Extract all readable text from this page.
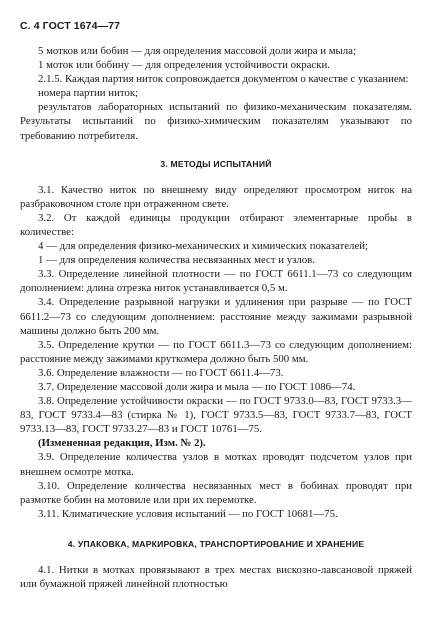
С. 4 ГОСТ 1674—77

5 мотков или бобин — для определения массовой доли жира и мыла;

1 моток или бобину — для определения устойчивости окраски.

2.1.5. Каждая партия ниток сопровождается документом о качестве с указанием:

номера партии ниток;

результатов лабораторных испытаний по физико-механическим показателям. Результаты испытаний по физико-химическим показателям указывают по требованию потребителя.

3. МЕТОДЫ ИСПЫТАНИЙ

3.1. Качество ниток по внешнему виду определяют просмотром ниток на разбраковочном столе при отраженном свете.

3.2. От каждой единицы продукции отбирают элементарные пробы в количестве:

4 — для определения физико-механических и химических показателей;

1 — для определения количества несвязанных мест и узлов.

3.3. Определение линейной плотности — по ГОСТ 6611.1—73 со следующим дополнением: длина отрезка ниток устанавливается 0,5 м.

3.4. Определение разрывной нагрузки и удлинения при разрыве — по ГОСТ 6611.2—73 со следующим дополнением: расстояние между зажимами разрывной машины должно быть 200 мм.

3.5. Определение крутки — по ГОСТ 6611.3—73 со следующим дополнением: расстояние между зажимами круткомера должно быть 500 мм.

3.6. Определение влажности — по ГОСТ 6611.4—73.

3.7. Определение массовой доли жира и мыла — по ГОСТ 1086—74.

3.8. Определение устойчивости окраски — по ГОСТ 9733.0—83, ГОСТ 9733.3—83, ГОСТ 9733.4—83 (стирка № 1), ГОСТ 9733.5—83, ГОСТ 9733.7—83, ГОСТ 9733.13—83, ГОСТ 9733.27—83 и ГОСТ 10761—75.

(Измененная редакция, Изм. № 2).

3.9. Определение количества узлов в мотках проводят подсчетом узлов при внешнем осмотре мотка.

3.10. Определение количества несвязанных мест в бобинах проводят при размотке бобин на мотовиле или при их перемотке.

3.11. Климатические условия испытаний — по ГОСТ 10681—75.

4. УПАКОВКА, МАРКИРОВКА, ТРАНСПОРТИРОВАНИЕ И ХРАНЕНИЕ

4.1. Нитки в мотках провязывают в трех местах вискозно-лавсановой пряжей или бумажной пряжей линейной плотностью
